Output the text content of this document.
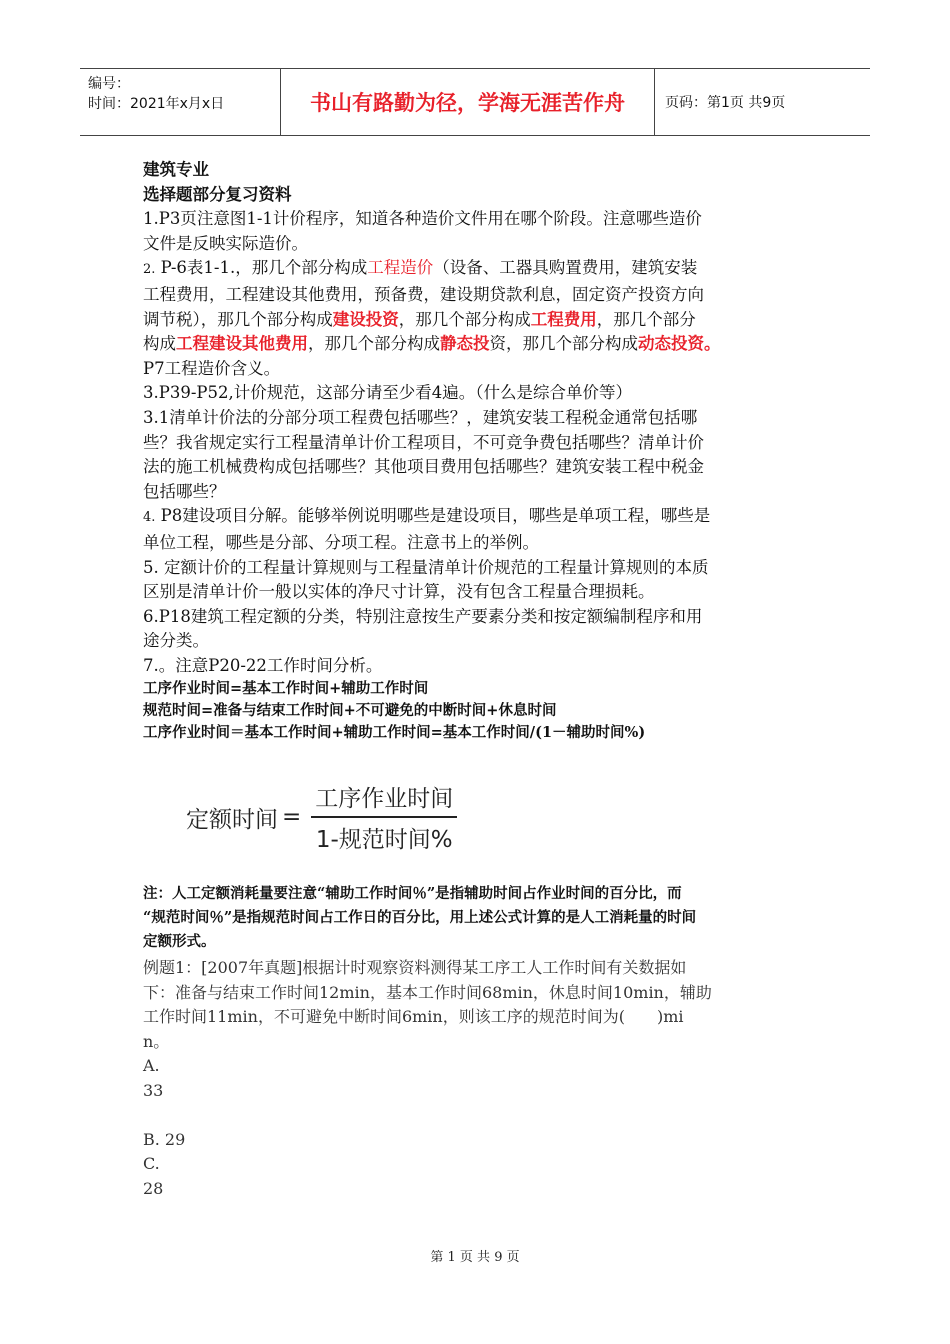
编号：
时间：2021年x月x日	书山有路勤为径，学海无涯苦作舟	页码：第1页 共9页
建筑专业
选择题部分复习资料
1.P3页注意图1-1计价程序，知道各种造价文件用在哪个阶段。注意哪些造价
文件是反映实际造价。
2. P-6表1-1.，那几个部分构成工程造价（设备、工器具购置费用，建筑安装
工程费用，工程建设其他费用，预备费，建设期贷款利息，固定资产投资方向
调节税），那几个部分构成建设投资，那几个部分构成工程费用，那几个部分
构成工程建设其他费用，那几个部分构成静态投资，那几个部分构成动态投资。
P7工程造价含义。
3.P39-P52,计价规范，这部分请至少看4遍。（什么是综合单价等）
3.1清单计价法的分部分项工程费包括哪些？，建筑安装工程税金通常包括哪
些？我省规定实行工程量清单计价工程项目，不可竞争费包括哪些？清单计价
法的施工机械费构成包括哪些？其他项目费用包括哪些？建筑安装工程中税金
包括哪些？
4. P8建设项目分解。能够举例说明哪些是建设项目，哪些是单项工程，哪些是
单位工程，哪些是分部、分项工程。注意书上的举例。
5. 定额计价的工程量计算规则与工程量清单计价规范的工程量计算规则的本质
区别是清单计价一般以实体的净尺寸计算，没有包含工程量合理损耗。
6.P18建筑工程定额的分类，特别注意按生产要素分类和按定额编制程序和用
途分类。
7.。注意P20-22工作时间分析。
工序作业时间=基本工作时间+辅助工作时间
规范时间=准备与结束工作时间+不可避免的中断时间+休息时间
工序作业时间＝基本工作时间+辅助工作时间=基本工作时间/(1－辅助时间%)
定额时间 = $\frac{\text{工序作业时间}}{\text{1-规范时间\%}}$
注：人工定额消耗量要注意“辅助工作时间％”是指辅助时间占作业时间的百分比，而
“规范时间％”是指规范时间占工作日的百分比，用上述公式计算的是人工消耗量的时间
定额形式。
例题1：[2007年真题]根据计时观察资料测得某工序工人工作时间有关数据如
下：准备与结束工作时间12min，基本工作时间68min，休息时间10min，辅助
工作时间11min，不可避免中断时间6min，则该工序的规范时间为(　　)mi
n。
A.
33

B. 29
C.
28
第 1 页 共 9 页
